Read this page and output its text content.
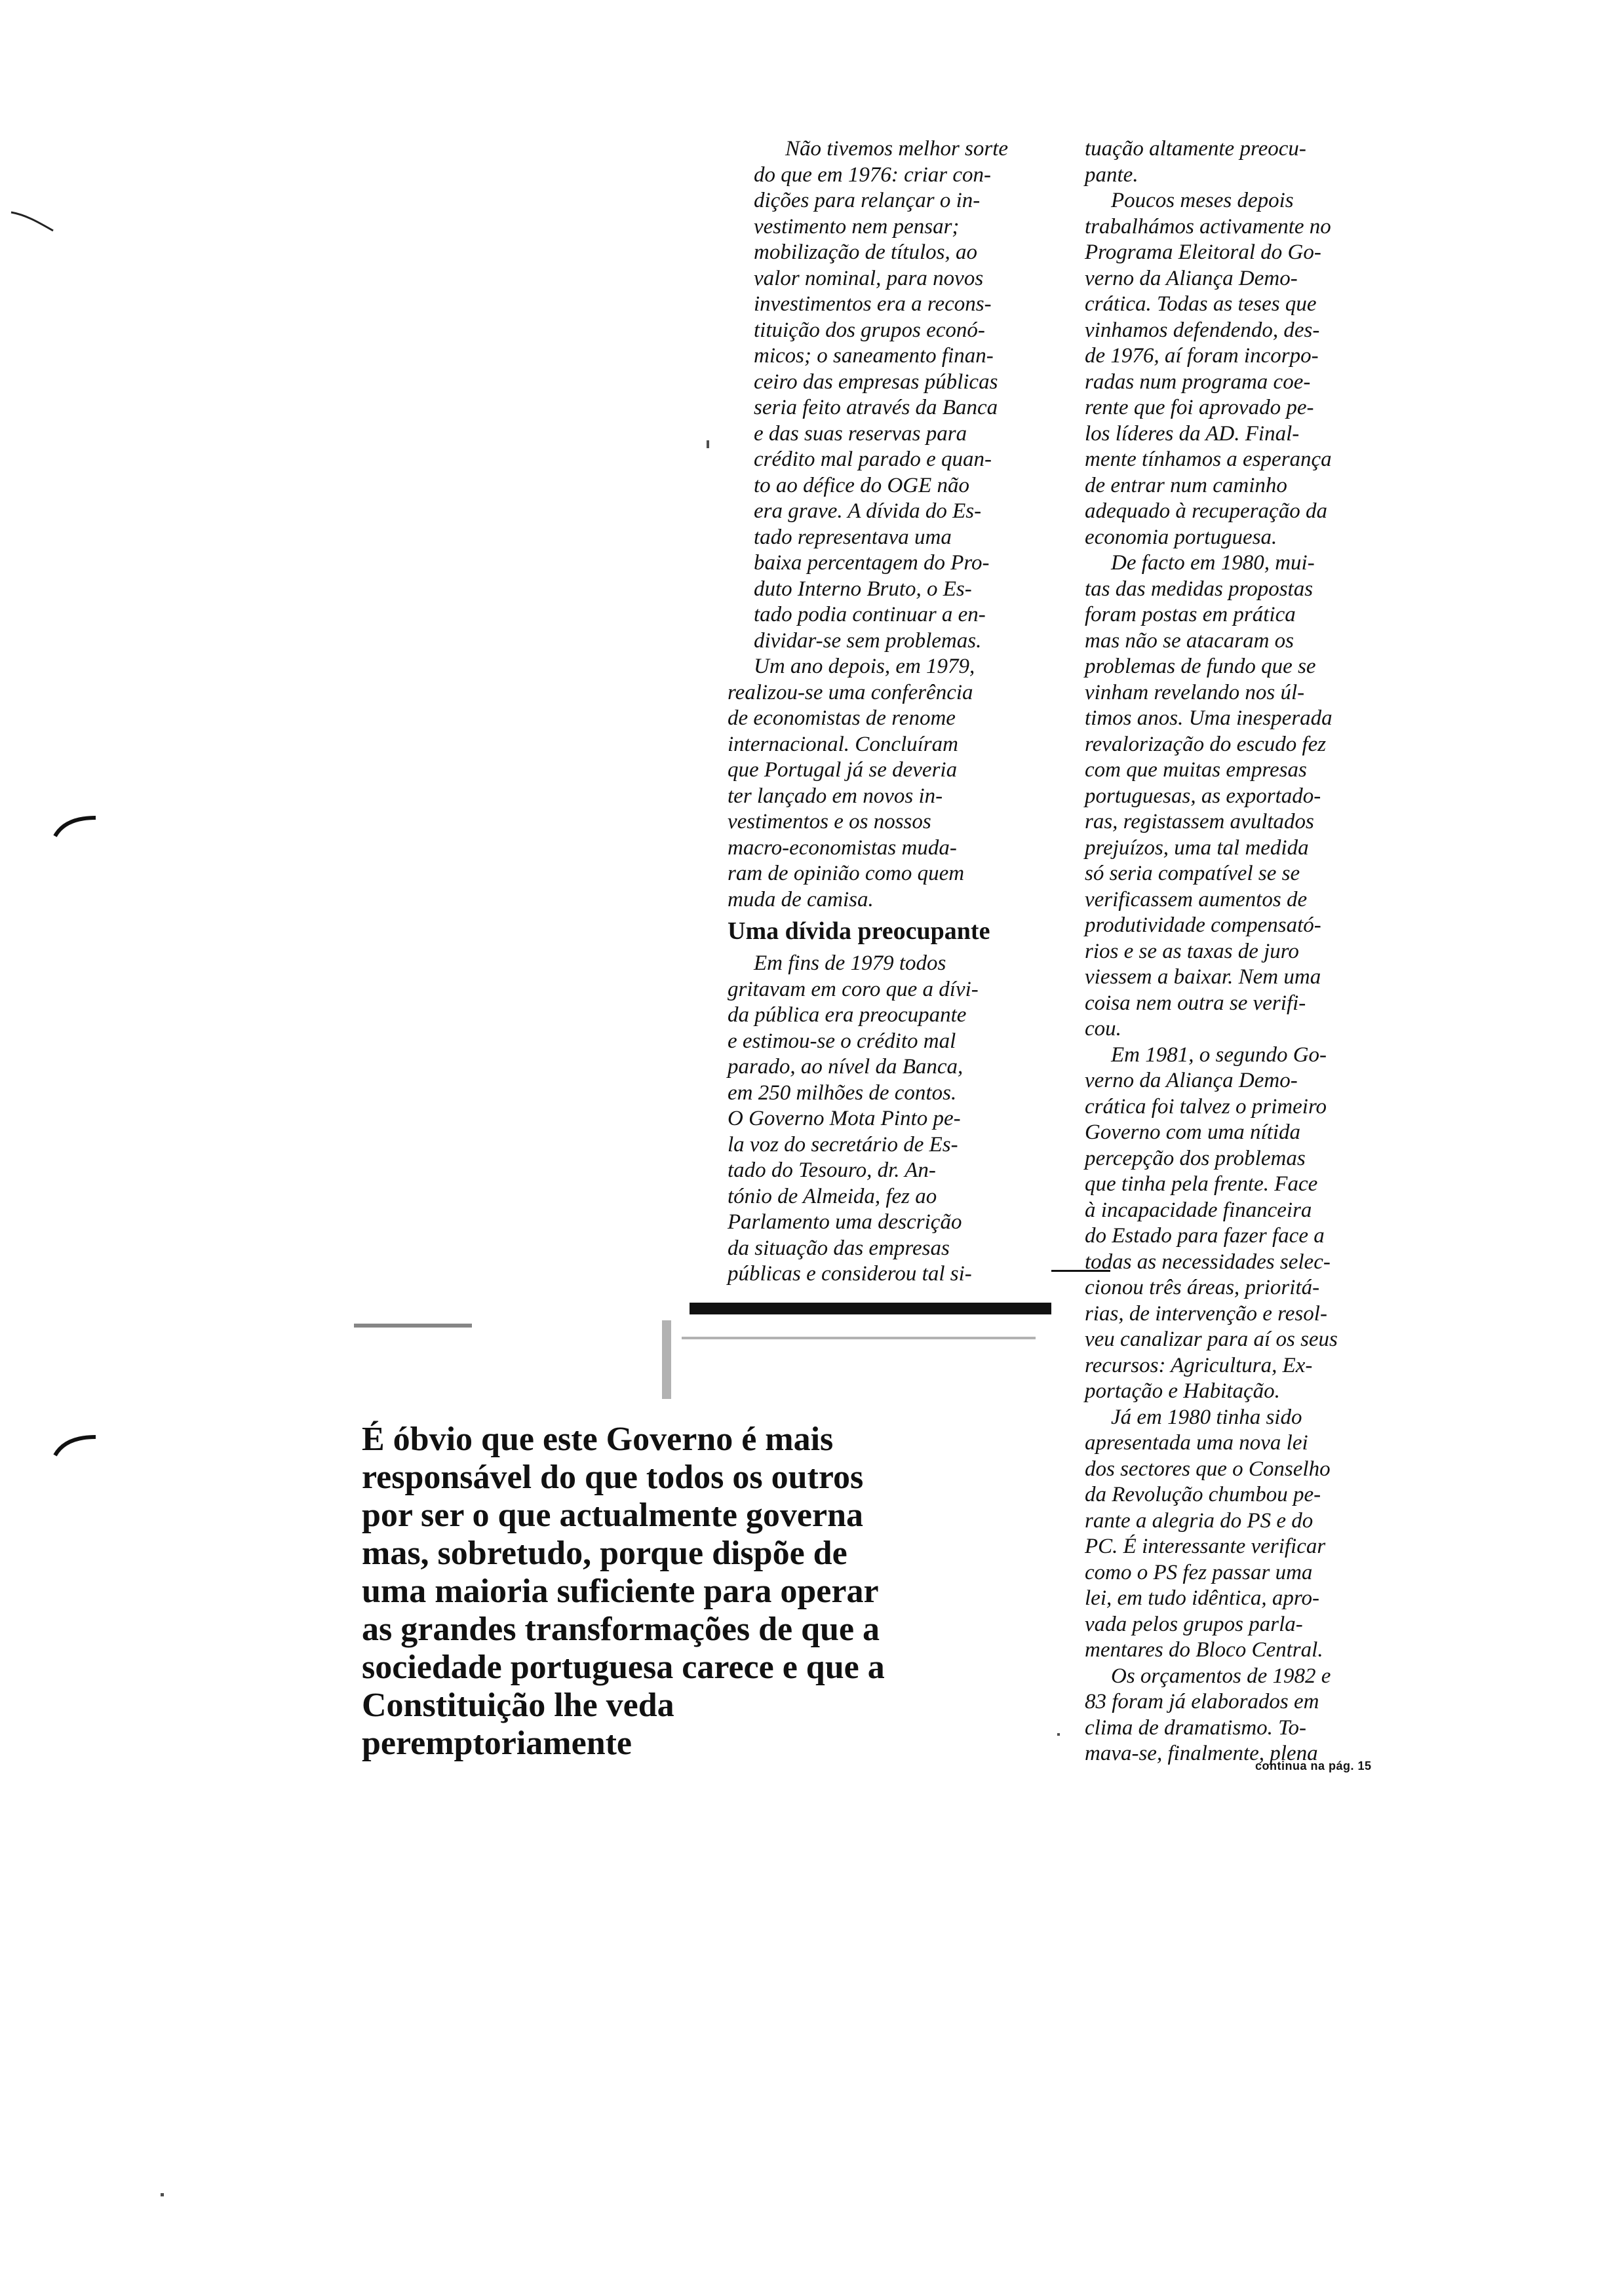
Não tivemos melhor sorte
do que em 1976: criar con-
dições para relançar o in-
vestimento nem pensar;
mobilização de títulos, ao
valor nominal, para novos
investimentos era a recons-
tituição dos grupos econó-
micos; o saneamento finan-
ceiro das empresas públicas
seria feito através da Banca
e das suas reservas para
crédito mal parado e quan-
to ao défice do OGE não
era grave. A dívida do Es-
tado representava uma
baixa percentagem do Pro-
duto Interno Bruto, o Es-
tado podia continuar a en-
dividar-se sem problemas.

Um ano depois, em 1979,
realizou-se uma conferência
de economistas de renome
internacional. Concluíram
que Portugal já se deveria
ter lançado em novos in-
vestimentos e os nossos
macro-economistas muda-
ram de opinião como quem
muda de camisa.

Uma dívida preocupante

Em fins de 1979 todos
gritavam em coro que a dívi-
da pública era preocupante
e estimou-se o crédito mal
parado, ao nível da Banca,
em 250 milhões de contos.
O Governo Mota Pinto pe-
la voz do secretário de Es-
tado do Tesouro, dr. An-
tónio de Almeida, fez ao
Parlamento uma descrição
da situação das empresas
públicas e considerou tal si-

tuação altamente preocu-
pante.

Poucos meses depois
trabalhámos activamente no
Programa Eleitoral do Go-
verno da Aliança Demo-
crática. Todas as teses que
vinhamos defendendo, des-
de 1976, aí foram incorpo-
radas num programa coe-
rente que foi aprovado pe-
los líderes da AD. Final-
mente tínhamos a esperança
de entrar num caminho
adequado à recuperação da
economia portuguesa.

De facto em 1980, mui-
tas das medidas propostas
foram postas em prática
mas não se atacaram os
problemas de fundo que se
vinham revelando nos úl-
timos anos. Uma inesperada
revalorização do escudo fez
com que muitas empresas
portuguesas, as exportado-
ras, registassem avultados
prejuízos, uma tal medida
só seria compatível se se
verificassem aumentos de
produtividade compensató-
rios e se as taxas de juro
viessem a baixar. Nem uma
coisa nem outra se verifi-
cou.

Em 1981, o segundo Go-
verno da Aliança Demo-
crática foi talvez o primeiro
Governo com uma nítida
percepção dos problemas
que tinha pela frente. Face
à incapacidade financeira
do Estado para fazer face a
todas as necessidades selec-
cionou três áreas, prioritá-
rias, de intervenção e resol-
veu canalizar para aí os seus
recursos: Agricultura, Ex-
portação e Habitação.

Já em 1980 tinha sido
apresentada uma nova lei
dos sectores que o Conselho
da Revolução chumbou pe-
rante a alegria do PS e do
PC. É interessante verificar
como o PS fez passar uma
lei, em tudo idêntica, apro-
vada pelos grupos parla-
mentares do Bloco Central.

Os orçamentos de 1982 e
83 foram já elaborados em
clima de dramatismo. To-
mava-se, finalmente, plena

continua na pág. 15
É óbvio que este Governo é mais
responsável do que todos os outros
por ser o que actualmente governa
mas, sobretudo, porque dispõe de
uma maioria suficiente para operar
as grandes transformações de que a
sociedade portuguesa carece e que a
Constituição lhe veda
peremptoriamente
